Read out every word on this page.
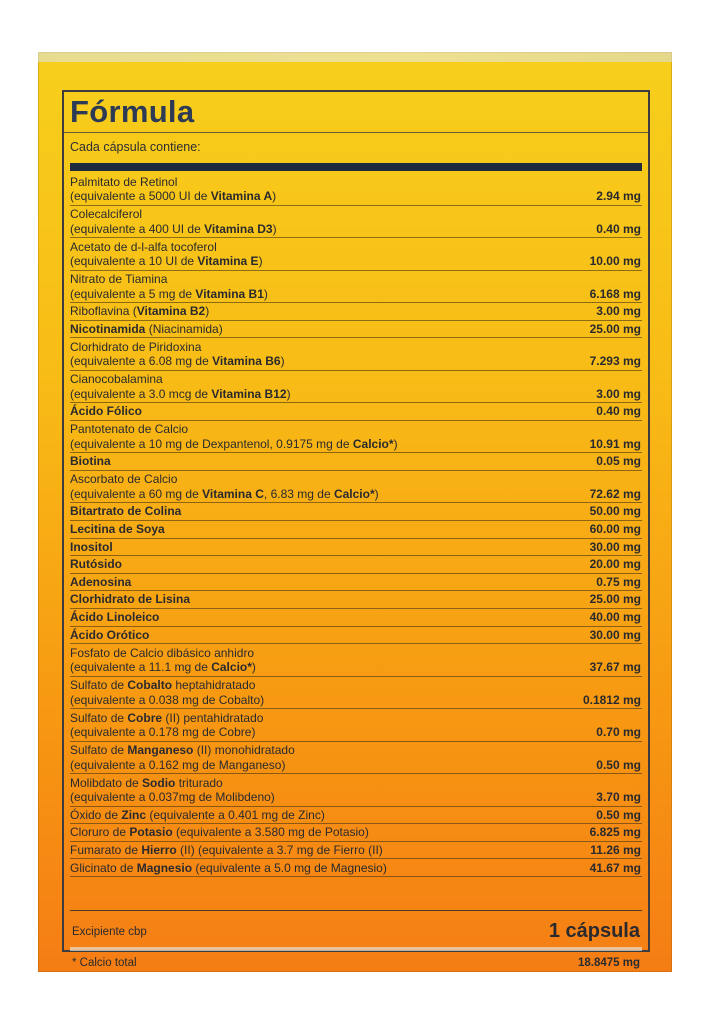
Fórmula
Cada cápsula contiene:
Palmitato de Retinol
(equivalente a 5000 UI de Vitamina A)	2.94 mg
Colecalciferol
(equivalente a 400 UI de Vitamina D3)	0.40 mg
Acetato de d-l-alfa tocoferol
(equivalente a 10 UI de Vitamina E)	10.00 mg
Nitrato de Tiamina
(equivalente a 5 mg de Vitamina B1)	6.168 mg
Riboflavina (Vitamina B2)	3.00 mg
Nicotinamida (Niacinamida)	25.00 mg
Clorhidrato de Piridoxina
(equivalente a 6.08 mg de Vitamina B6)	7.293 mg
Cianocobalamina
(equivalente a 3.0 mcg de Vitamina B12)	3.00 mg
Ácido Fólico	0.40 mg
Pantotenato de Calcio
(equivalente a 10 mg de Dexpantenol, 0.9175 mg de Calcio*)	10.91 mg
Biotina	0.05 mg
Ascorbato de Calcio
(equivalente a 60 mg de Vitamina C, 6.83 mg de Calcio*)	72.62 mg
Bitartrato de Colina	50.00 mg
Lecitina de Soya	60.00 mg
Inositol	30.00 mg
Rutósido	20.00 mg
Adenosina	0.75 mg
Clorhidrato de Lisina	25.00 mg
Ácido Linoleico	40.00 mg
Ácido Orótico	30.00 mg
Fosfato de Calcio dibásico anhidro
(equivalente a 11.1 mg de Calcio*)	37.67 mg
Sulfato de Cobalto heptahidratado
(equivalente a 0.038 mg de Cobalto)	0.1812 mg
Sulfato de Cobre (II) pentahidratado
(equivalente a 0.178 mg de Cobre)	0.70 mg
Sulfato de Manganeso (II) monohidratado
(equivalente a 0.162 mg de Manganeso)	0.50 mg
Molibdato de Sodio triturado
(equivalente a 0.037mg de Molibdeno)	3.70 mg
Óxido de Zinc (equivalente a 0.401 mg de Zinc)	0.50 mg
Cloruro de Potasio (equivalente a 3.580 mg de Potasio)	6.825 mg
Fumarato de Hierro (II) (equivalente a 3.7 mg de Fierro (II)	11.26 mg
Glicinato de Magnesio (equivalente a 5.0 mg de Magnesio)	41.67 mg
Excipiente cbp	1 cápsula
* Calcio total	18.8475 mg
